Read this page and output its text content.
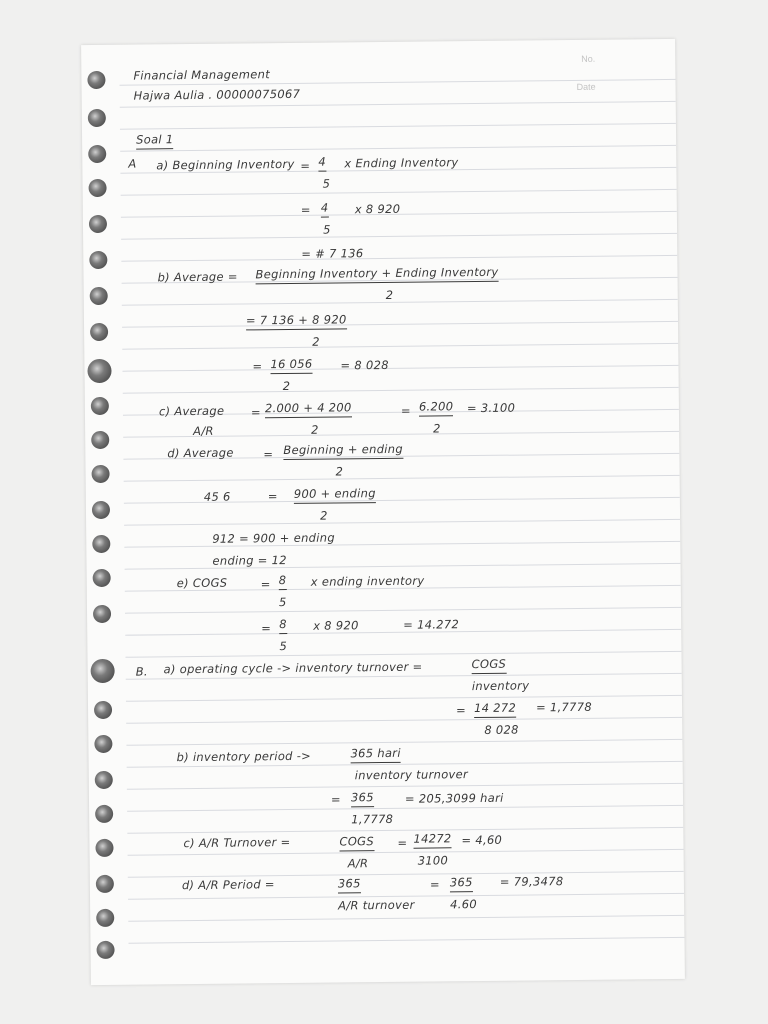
No.
Date
Financial Management
Hajwa Aulia . 00000075067
Soal 1
A a) Beginning Inventory = 4
5
x Ending Inventory
= 4
5
x 8 920
= # 7 136
b) Average = Beginning Inventory + Ending Inventory
2
= 7 136 + 8 920
2
= 16 056
2
= 8 028
c) Average
A/R
= 2.000 + 4 200
2
= 6.200
2
= 3.100
d) Average	= Beginning + ending
2
45 6	= 900 + ending
2
912 = 900 + ending
ending = 12
e) COGS	= 8
5
x ending inventory
= 8
5
x 8 920	= 14.272
B. a) operating cycle -> inventory turnover =	COGS
inventory
= 14 272
8 028
= 1,7778
b) inventory period ->	365 hari
inventory turnover
= 365
1,7778
= 205,3099 hari
c) A/R Turnover =	COGS
A/R
= 14272
3100
= 4,60
d) A/R Period =	365
A/R turnover
= 365
4.60
= 79,3478
